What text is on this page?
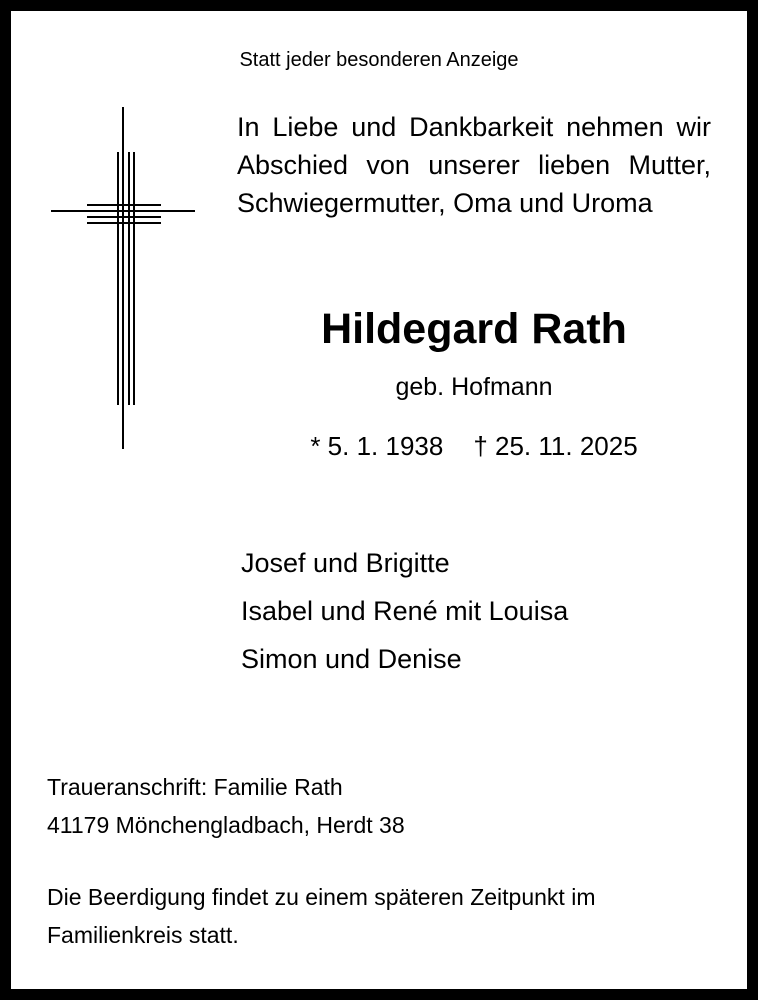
Statt jeder besonderen Anzeige
In Liebe und Dankbarkeit nehmen wir Abschied von unserer lieben Mutter, Schwiegermutter, Oma und Uroma
Hildegard Rath
geb. Hofmann
* 5. 1. 1938 † 25. 11. 2025
Josef und Brigitte
Isabel und René mit Louisa
Simon und Denise
Traueranschrift: Familie Rath
41179 Mönchengladbach, Herdt 38
Die Beerdigung findet zu einem späteren Zeitpunkt im Familienkreis statt.
